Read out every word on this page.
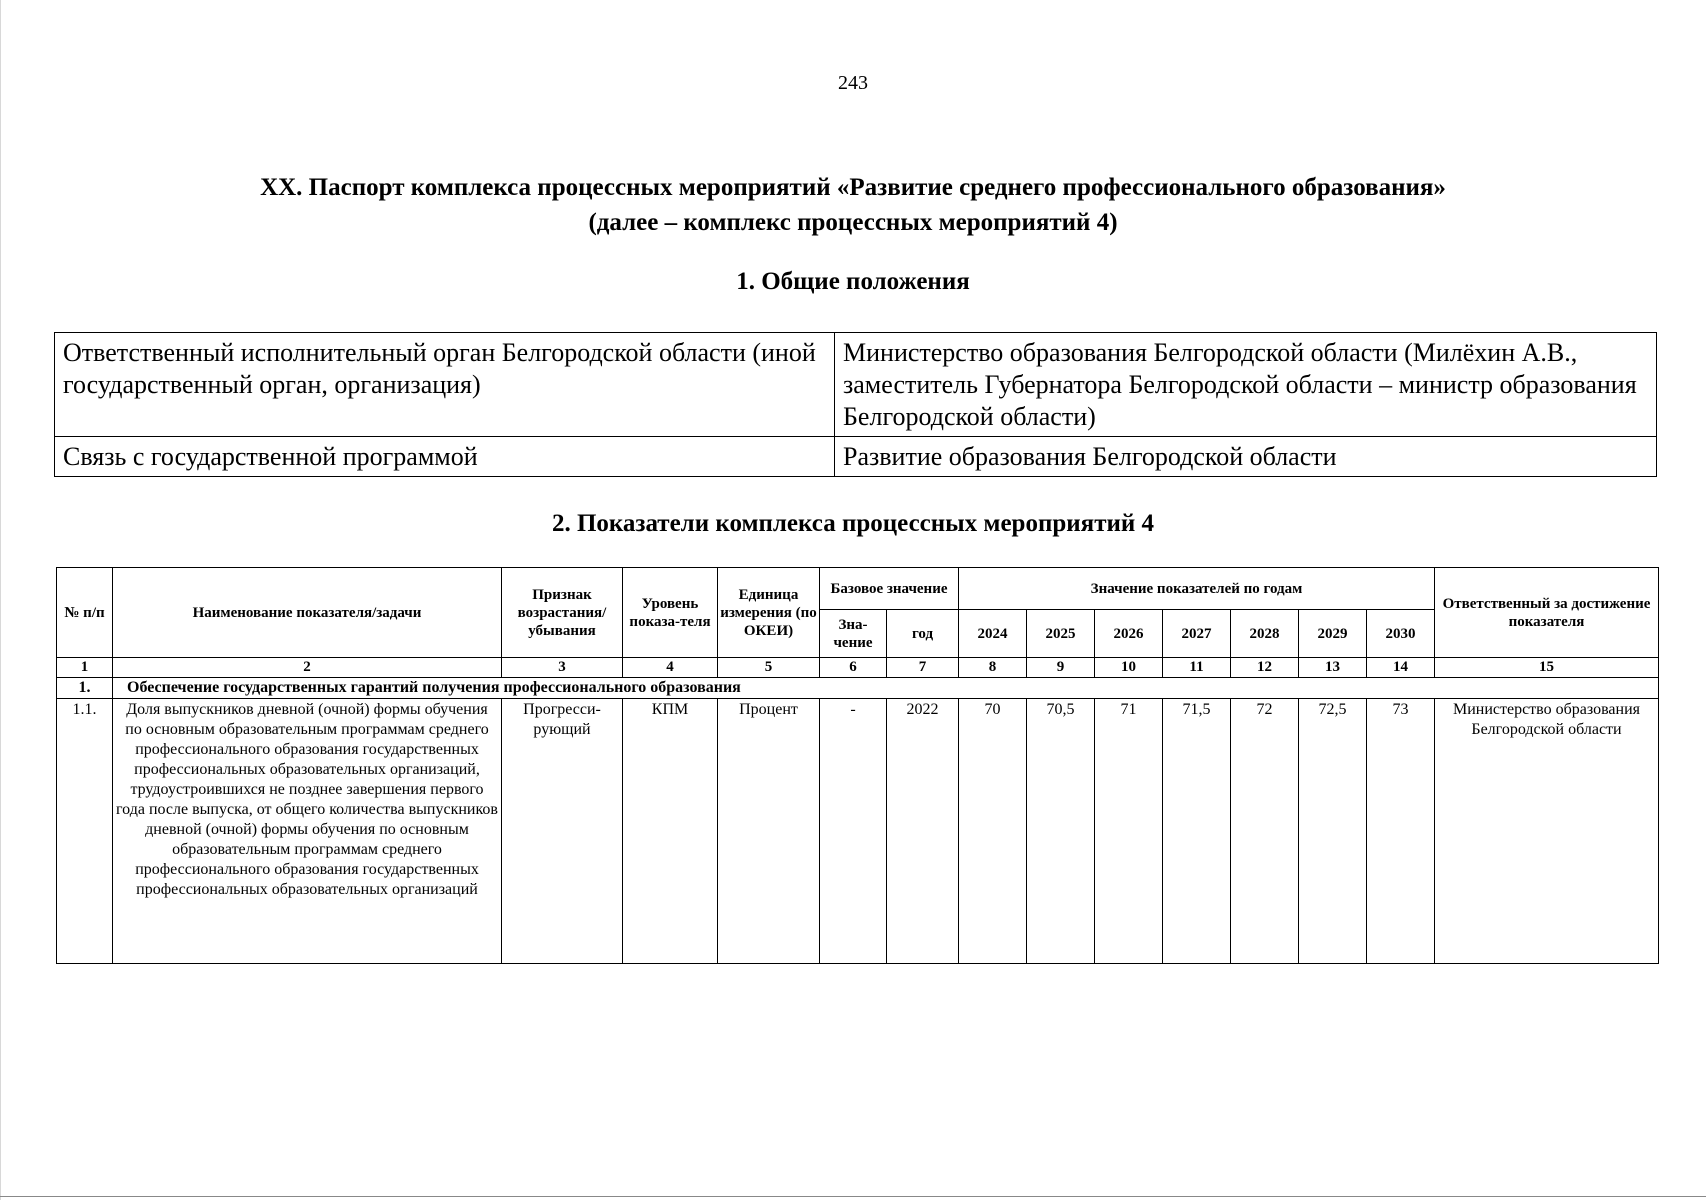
243
XX. Паспорт комплекса процессных мероприятий «Развитие среднего профессионального образования»
(далее – комплекс процессных мероприятий 4)
1. Общие положения
Ответственный исполнительный орган Белгородской области (иной государственный орган, организация)	Министерство образования Белгородской области (Милёхин А.В., заместитель Губернатора Белгородской области – министр образования Белгородской области)
Связь с государственной программой	Развитие образования Белгородской области
2. Показатели комплекса процессных мероприятий 4
№ п/п	Наименование показателя/задачи	Признак возрастания/ убывания	Уровень показа-теля	Единица измерения (по ОКЕИ)	Базовое значение		Значение показателей по годам							Ответственный за достижение показателя
					Зна-чение	год	2024	2025	2026	2027	2028	2029	2030	
1	2	3	4	5	6	7	8	9	10	11	12	13	14	15
1.	Обеспечение государственных гарантий получения профессионального образования													
1.1.	Доля выпускников дневной (очной) формы обучения по основным образовательным программам среднего профессионального образования государственных профессиональных образовательных организаций, трудоустроившихся не позднее завершения первого года после выпуска, от общего количества выпускников дневной (очной) формы обучения по основным образовательным программам среднего профессионального образования государственных профессиональных образовательных организаций	Прогресси-рующий	КПМ	Процент	-	2022	70	70,5	71	71,5	72	72,5	73	Министерство образования Белгородской области
